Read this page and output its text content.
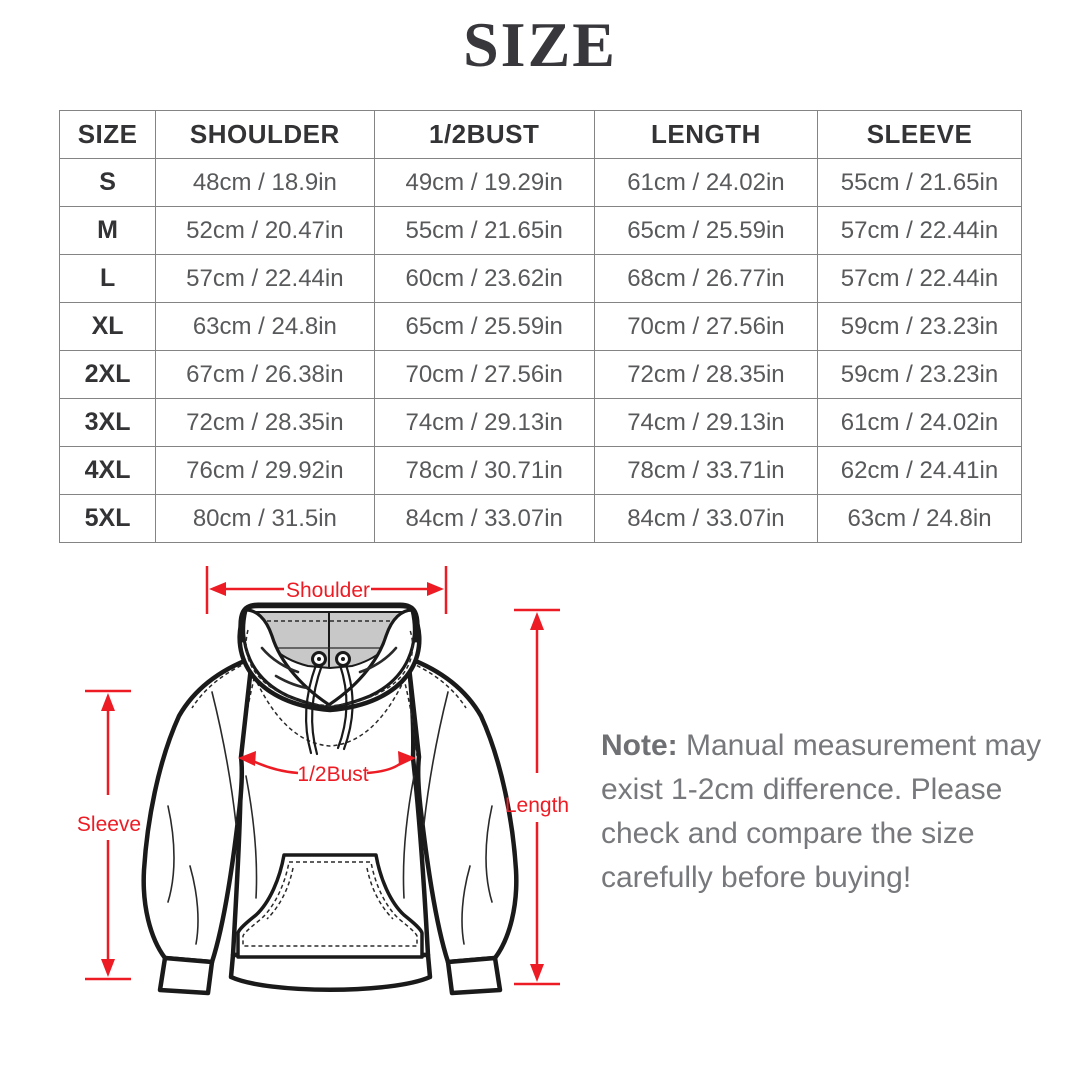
SIZE
SIZE	SHOULDER	1/2BUST	LENGTH	SLEEVE
S	48cm / 18.9in	49cm / 19.29in	61cm / 24.02in	55cm / 21.65in
M	52cm / 20.47in	55cm / 21.65in	65cm / 25.59in	57cm / 22.44in
L	57cm / 22.44in	60cm / 23.62in	68cm / 26.77in	57cm / 22.44in
XL	63cm / 24.8in	65cm / 25.59in	70cm / 27.56in	59cm / 23.23in
2XL	67cm / 26.38in	70cm / 27.56in	72cm / 28.35in	59cm / 23.23in
3XL	72cm / 28.35in	74cm / 29.13in	74cm / 29.13in	61cm / 24.02in
4XL	76cm / 29.92in	78cm / 30.71in	78cm / 33.71in	62cm / 24.41in
5XL	80cm / 31.5in	84cm / 33.07in	84cm / 33.07in	63cm / 24.8in
Shoulder
1/2Bust
Length
Sleeve
Note: Manual measurement may
exist 1-2cm difference. Please
check and compare the size
carefully before buying!
